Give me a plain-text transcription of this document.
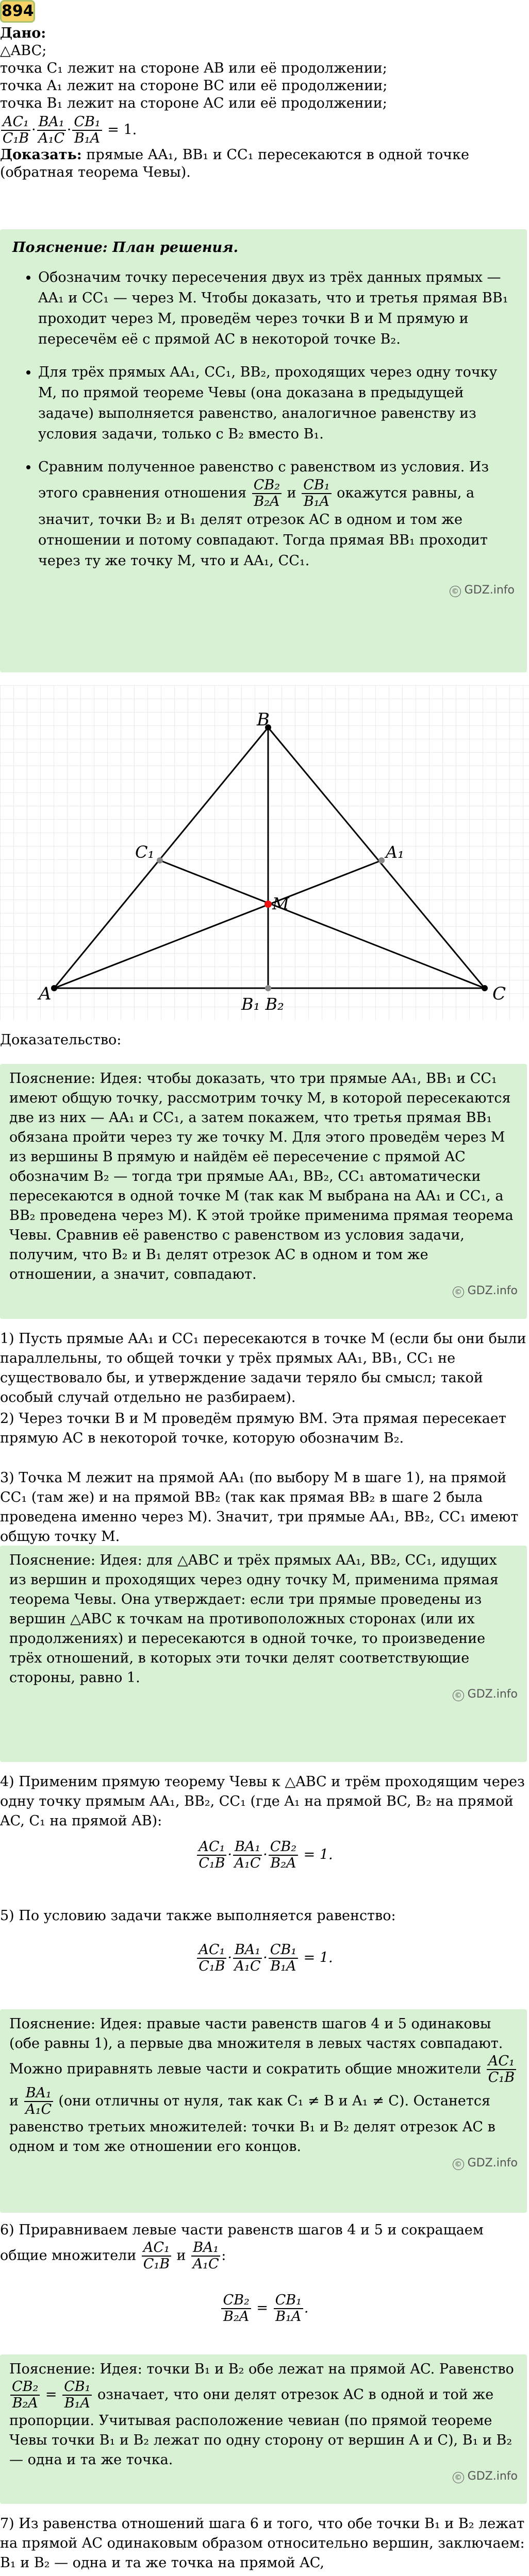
894
Дано:
△ABC;
точка C₁ лежит на стороне AB или её продолжении;
точка A₁ лежит на стороне BC или её продолжении;
точка B₁ лежит на стороне AC или её продолжении;
$\frac{\text{AC₁}}{\text{C₁B}} \cdot \frac{\text{BA₁}}{\text{A₁C}} \cdot \frac{\text{CB₁}}{\text{B₁A}} = 1$.
Доказать: прямые AA₁, BB₁ и CC₁ пересекаются в одной точке (обратная теорема Чевы).
Пояснение: План решения.
• Обозначим точку пересечения двух из трёх данных прямых — AA₁ и CC₁ — через M. Чтобы доказать, что и третья прямая BB₁ проходит через M, проведём через точки B и M прямую и пересечём её с прямой AC в некоторой точке B₂.
• Для трёх прямых AA₁, CC₁, BB₂, проходящих через одну точку M, по прямой теореме Чевы (она доказана в предыдущей задаче) выполняется равенство, аналогичное равенству из условия задачи, только с B₂ вместо B₁.
• Сравним полученное равенство с равенством из условия. Из этого сравнения отношения $\frac{\text{CB₂}}{\text{B₂A}}$ и $\frac{\text{CB₁}}{\text{B₁A}}$ окажутся равны, а значит, точки B₂ и B₁ делят отрезок AC в одном и том же отношении и потому совпадают. Тогда прямая BB₁ проходит через ту же точку M, что и AA₁, CC₁.
© GDZ.info
A
B
C
C₁	A₁
M
B₁ B₂
Доказательство:
Пояснение: Идея: чтобы доказать, что три прямые AA₁, BB₁ и CC₁ имеют общую точку, рассмотрим точку M, в которой пересекаются две из них — AA₁ и CC₁, а затем покажем, что третья прямая BB₁ обязана пройти через ту же точку M. Для этого проведём через M из вершины B прямую и найдём её пересечение с прямой AC обозначим B₂ — тогда три прямые AA₁, BB₂, CC₁ автоматически пересекаются в одной точке M (так как M выбрана на AA₁ и CC₁, а BB₂ проведена через M). К этой тройке применима прямая теорема Чевы. Сравнив её равенство с равенством из условия задачи, получим, что B₂ и B₁ делят отрезок AC в одном и том же отношении, а значит, совпадают.
© GDZ.info
1) Пусть прямые AA₁ и CC₁ пересекаются в точке M (если бы они были параллельны, то общей точки у трёх прямых AA₁, BB₁, CC₁ не существовало бы, и утверждение задачи теряло бы смысл; такой особый случай отдельно не разбираем).
2) Через точки B и M проведём прямую BM. Эта прямая пересекает прямую AC в некоторой точке, которую обозначим B₂.
3) Точка M лежит на прямой AA₁ (по выбору M в шаге 1), на прямой CC₁ (там же) и на прямой BB₂ (так как прямая BB₂ в шаге 2 была проведена именно через M). Значит, три прямые AA₁, BB₂, CC₁ имеют общую точку M.
Пояснение: Идея: для △ABC и трёх прямых AA₁, BB₂, CC₁, идущих из вершин и проходящих через одну точку M, применима прямая теорема Чевы. Она утверждает: если три прямые проведены из вершин △ABC к точкам на противоположных сторонах (или их продолжениях) и пересекаются в одной точке, то произведение трёх отношений, в которых эти точки делят соответствующие стороны, равно 1.
© GDZ.info
4) Применим прямую теорему Чевы к △ABC и трём проходящим через одну точку прямым AA₁, BB₂, CC₁ (где A₁ на прямой BC, B₂ на прямой AC, C₁ на прямой AB):
$\frac{\text{AC₁}}{\text{C₁B}} \cdot \frac{\text{BA₁}}{\text{A₁C}} \cdot \frac{\text{CB₂}}{\text{B₂A}} = 1$.
5) По условию задачи также выполняется равенство:
$\frac{\text{AC₁}}{\text{C₁B}} \cdot \frac{\text{BA₁}}{\text{A₁C}} \cdot \frac{\text{CB₁}}{\text{B₁A}} = 1$.
Пояснение: Идея: правые части равенств шагов 4 и 5 одинаковы (обе равны 1), а первые два множителя в левых частях совпадают. Можно приравнять левые части и сократить общие множители $\frac{\text{AC₁}}{\text{C₁B}}$
и $\frac{\text{BA₁}}{\text{A₁C}} (они$ отличны от нуля, так как C₁ ≠ B и A₁ ≠ C). Останется равенство третьих множителей: точки B₁ и B₂ делят отрезок AC в одном и том же отношении его концов.
© GDZ.info
6) Приравниваем левые части равенств шагов 4 и 5 и сокращаем общие множители $\frac{\text{AC₁}}{\text{C₁B}}$ и $\frac{\text{BA₁}}{\text{A₁C}}$ :
$\frac{\text{CB₂}}{\text{B₂A}} = \frac{\text{CB₁}}{\text{B₁A}}$ .
Пояснение: Идея: точки B₁ и B₂ обе лежат на прямой AC. Равенство
$\frac{\text{CB₂}}{\text{B₂A}} = \frac{\text{CB₁}}{\text{B₁A}}$ означает, что они делят отрезок AC в одной и той же пропорции. Учитывая расположение чевиан (по прямой теореме Чевы точки B₁ и B₂ лежат по одну сторону от вершин A и C), B₁ и B₂ — одна и та же точка.
© GDZ.info
7) Из равенства отношений шага 6 и того, что обе точки B₁ и B₂ лежат на прямой AC одинаковым образом относительно вершин, заключаем: B₁ и B₂ — одна и та же точка на прямой AC,
